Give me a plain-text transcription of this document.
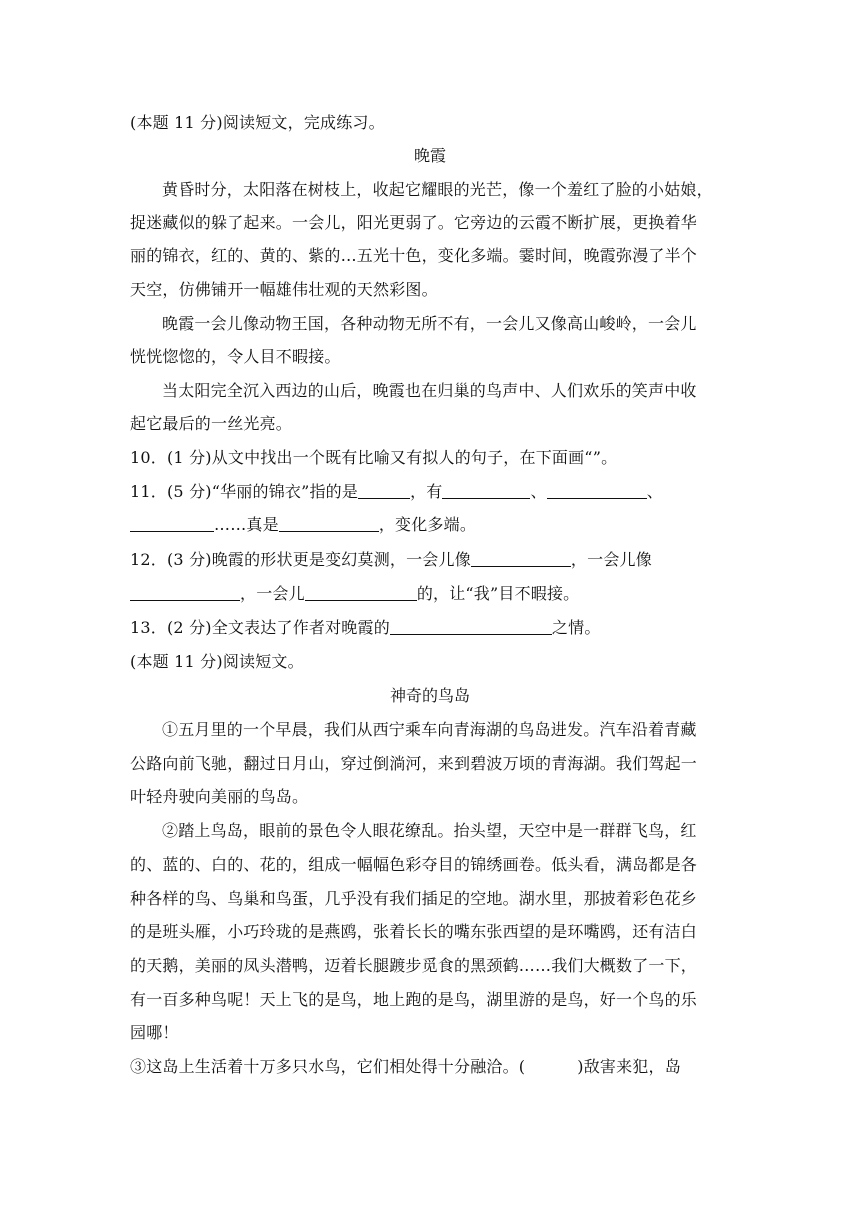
(本题 11 分)阅读短文，完成练习。
晚霞
黄昏时分，太阳落在树枝上，收起它耀眼的光芒，像一个羞红了脸的小姑娘，
捉迷藏似的躲了起来。一会儿，阳光更弱了。它旁边的云霞不断扩展，更换着华
丽的锦衣，红的、黄的、紫的…五光十色，变化多端。霎时间，晚霞弥漫了半个
天空，仿佛铺开一幅雄伟壮观的天然彩图。
晚霞一会儿像动物王国，各种动物无所不有，一会儿又像高山峻岭，一会儿
恍恍惚惚的，令人目不暇接。
当太阳完全沉入西边的山后，晚霞也在归巢的鸟声中、人们欢乐的笑声中收
起它最后的一丝光亮。
10．(1 分)从文中找出一个既有比喻又有拟人的句子，在下面画“”。
11．(5 分)“华丽的锦衣”指的是	，有	、	、
……真是	，变化多端。
12．(3 分)晚霞的形状更是变幻莫测，一会儿像	，一会儿像
，一会儿	的，让“我”目不暇接。
13．(2 分)全文表达了作者对晚霞的	之情。
(本题 11 分)阅读短文。
神奇的鸟岛
①五月里的一个早晨，我们从西宁乘车向青海湖的鸟岛进发。汽车沿着青藏
公路向前飞驰，翻过日月山，穿过倒淌河，来到碧波万顷的青海湖。我们驾起一
叶轻舟驶向美丽的鸟岛。
②踏上鸟岛，眼前的景色令人眼花缭乱。抬头望，天空中是一群群飞鸟，红
的、蓝的、白的、花的，组成一幅幅色彩夺目的锦绣画卷。低头看，满岛都是各
种各样的鸟、鸟巢和鸟蛋，几乎没有我们插足的空地。湖水里，那披着彩色花乡
的是班头雁，小巧玲珑的是燕鸥，张着长长的嘴东张西望的是环嘴鸥，还有洁白
的天鹅，美丽的凤头潜鸭，迈着长腿踱步觅食的黑颈鹤……我们大概数了一下，
有一百多种鸟呢！天上飞的是鸟，地上跑的是鸟，湖里游的是鸟，好一个鸟的乐
园哪！
③这岛上生活着十万多只水鸟，它们相处得十分融洽。(	)敌害来犯，岛
